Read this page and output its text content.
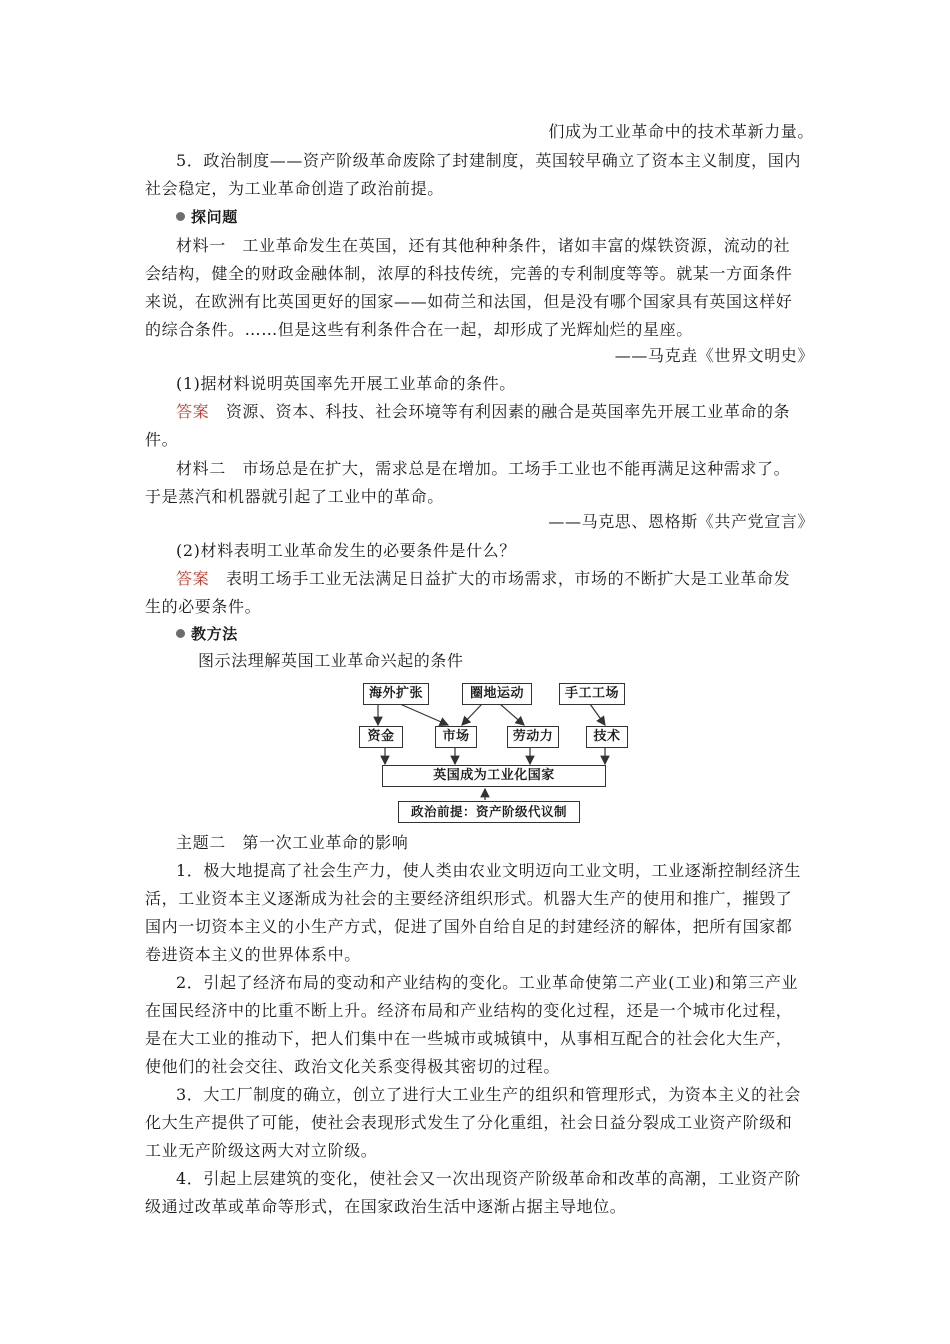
们成为工业革命中的技术革新力量。
5．政治制度——资产阶级革命废除了封建制度，英国较早确立了资本主义制度，国内
社会稳定，为工业革命创造了政治前提。
探问题
材料一　工业革命发生在英国，还有其他种种条件，诸如丰富的煤铁资源，流动的社
会结构，健全的财政金融体制，浓厚的科技传统，完善的专利制度等等。就某一方面条件
来说，在欧洲有比英国更好的国家——如荷兰和法国，但是没有哪个国家具有英国这样好
的综合条件。……但是这些有利条件合在一起，却形成了光辉灿烂的星座。
——马克垚《世界文明史》
(1)据材料说明英国率先开展工业革命的条件。
答案　 资源、资本、科技、社会环境等有利因素的融合是英国率先开展工业革命的条
件。
材料二　市场总是在扩大，需求总是在增加。工场手工业也不能再满足这种需求了。
于是蒸汽和机器就引起了工业中的革命。
——马克思、恩格斯《共产党宣言》
(2)材料表明工业革命发生的必要条件是什么？
答案　 表明工场手工业无法满足日益扩大的市场需求，市场的不断扩大是工业革命发
生的必要条件。
教方法
图示法理解英国工业革命兴起的条件
海外扩张	圈地运动	手工工场
资金	市场	劳动力	技术
英国成为工业化国家
政治前提：资产阶级代议制
主题二　第一次工业革命的影响
1．极大地提高了社会生产力，使人类由农业文明迈向工业文明，工业逐渐控制经济生
活，工业资本主义逐渐成为社会的主要经济组织形式。机器大生产的使用和推广，摧毁了
国内一切资本主义的小生产方式，促进了国外自给自足的封建经济的解体，把所有国家都
卷进资本主义的世界体系中。
2．引起了经济布局的变动和产业结构的变化。工业革命使第二产业(工业)和第三产业
在国民经济中的比重不断上升。经济布局和产业结构的变化过程，还是一个城市化过程，
是在大工业的推动下，把人们集中在一些城市或城镇中，从事相互配合的社会化大生产，
使他们的社会交往、政治文化关系变得极其密切的过程。
3．大工厂制度的确立，创立了进行大工业生产的组织和管理形式，为资本主义的社会
化大生产提供了可能，使社会表现形式发生了分化重组，社会日益分裂成工业资产阶级和
工业无产阶级这两大对立阶级。
4．引起上层建筑的变化，使社会又一次出现资产阶级革命和改革的高潮，工业资产阶
级通过改革或革命等形式，在国家政治生活中逐渐占据主导地位。
